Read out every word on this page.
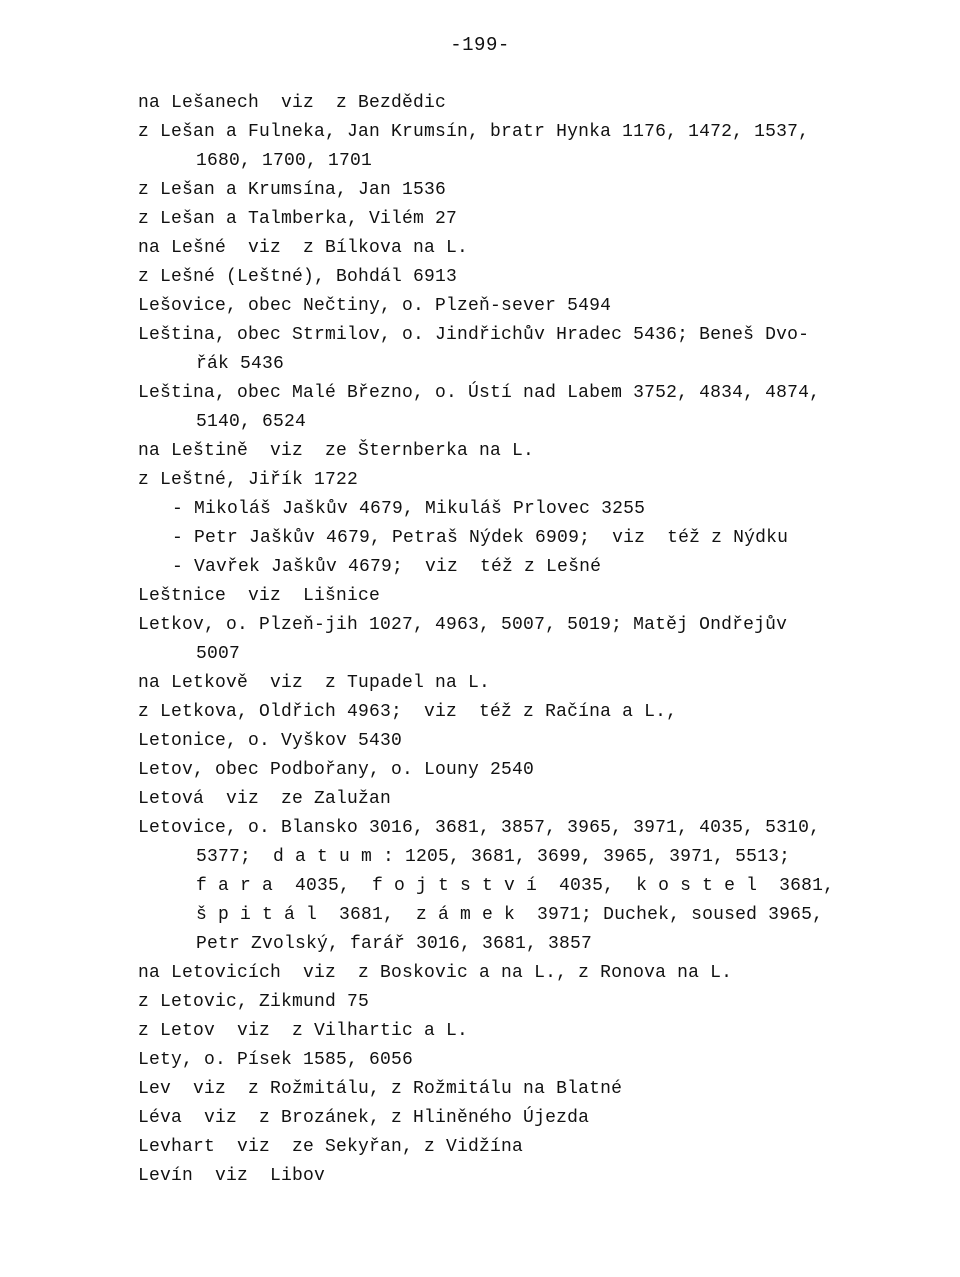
-199-
na Lešanech  viz  z Bezdědic
z Lešan a Fulneka, Jan Krumsín, bratr Hynka 1176, 1472, 1537,
1680, 1700, 1701
z Lešan a Krumsína, Jan 1536
z Lešan a Talmberka, Vilém 27
na Lešné  viz  z Bílkova na L.
z Lešné (Leštné), Bohdál 6913
Lešovice, obec Nečtiny, o. Plzeň-sever 5494
Leština, obec Strmilov, o. Jindřichův Hradec 5436; Beneš Dvo-
řák 5436
Leština, obec Malé Březno, o. Ústí nad Labem 3752, 4834, 4874,
5140, 6524
na Leštině  viz  ze Šternberka na L.
z Leštné, Jiřík 1722
- Mikoláš Jaškův 4679, Mikuláš Prlovec 3255
- Petr Jaškův 4679, Petraš Nýdek 6909;  viz  též z Nýdku
- Vavřek Jaškův 4679;  viz  též z Lešné
Leštnice  viz  Lišnice
Letkov, o. Plzeň-jih 1027, 4963, 5007, 5019; Matěj Ondřejův
5007
na Letkově  viz  z Tupadel na L.
z Letkova, Oldřich 4963;  viz  též z Račína a L.,
Letonice, o. Vyškov 5430
Letov, obec Podbořany, o. Louny 2540
Letová  viz  ze Zalužan
Letovice, o. Blansko 3016, 3681, 3857, 3965, 3971, 4035, 5310,
5377;  d a t u m : 1205, 3681, 3699, 3965, 3971, 5513;
f a r a  4035,  f o j t s t v í  4035,  k o s t e l  3681,
š p i t á l  3681,  z á m e k  3971; Duchek, soused 3965,
Petr Zvolský, farář 3016, 3681, 3857
na Letovicích  viz  z Boskovic a na L., z Ronova na L.
z Letovic, Zikmund 75
z Letov  viz  z Vilhartic a L.
Lety, o. Písek 1585, 6056
Lev  viz  z Rožmitálu, z Rožmitálu na Blatné
Léva  viz  z Brozánek, z Hliněného Újezda
Levhart  viz  ze Sekyřan, z Vidžína
Levín  viz  Libov
